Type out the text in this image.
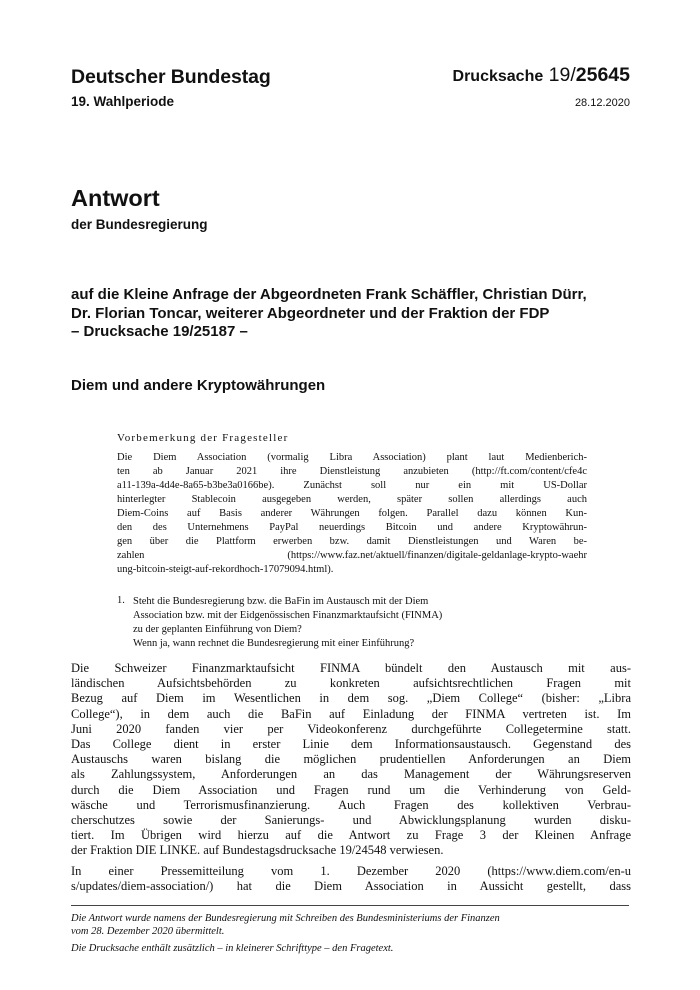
Deutscher Bundestag	Drucksache 19/25645
19. Wahlperiode	28.12.2020
Antwort
der Bundesregierung
auf die Kleine Anfrage der Abgeordneten Frank Schäffler, Christian Dürr,
Dr. Florian Toncar, weiterer Abgeordneter und der Fraktion der FDP
– Drucksache 19/25187 –
Diem und andere Kryptowährungen
Vorbemerkung der Fragesteller
Die Diem Association (vormalig Libra Association) plant laut Medienberich-
ten ab Januar 2021 ihre Dienstleistung anzubieten (http://ft.com/content/cfe4c
a11-139a-4d4e-8a65-b3be3a0166be). Zunächst soll nur ein mit US-Dollar
hinterlegter Stablecoin ausgegeben werden, später sollen allerdings auch
Diem-Coins auf Basis anderer Währungen folgen. Parallel dazu können Kun-
den des Unternehmens PayPal neuerdings Bitcoin und andere Kryptowährun-
gen über die Plattform erwerben bzw. damit Dienstleistungen und Waren be-
zahlen (https://www.faz.net/aktuell/finanzen/digitale-geldanlage-krypto-waehr
ung-bitcoin-steigt-auf-rekordhoch-17079094.html).
1. Steht die Bundesregierung bzw. die BaFin im Austausch mit der Diem
Association bzw. mit der Eidgenössischen Finanzmarktaufsicht (FINMA)
zu der geplanten Einführung von Diem?
Wenn ja, wann rechnet die Bundesregierung mit einer Einführung?
Die Schweizer Finanzmarktaufsicht FINMA bündelt den Austausch mit aus-
ländischen Aufsichtsbehörden zu konkreten aufsichtsrechtlichen Fragen mit
Bezug auf Diem im Wesentlichen in dem sog. „Diem College“ (bisher: „Libra
College“), in dem auch die BaFin auf Einladung der FINMA vertreten ist. Im
Juni 2020 fanden vier per Videokonferenz durchgeführte Collegetermine statt.
Das College dient in erster Linie dem Informationsaustausch. Gegenstand des
Austauschs waren bislang die möglichen prudentiellen Anforderungen an Diem
als Zahlungssystem, Anforderungen an das Management der Währungsreserven
durch die Diem Association und Fragen rund um die Verhinderung von Geld-
wäsche und Terrorismusfinanzierung. Auch Fragen des kollektiven Verbrau-
cherschutzes sowie der Sanierungs- und Abwicklungsplanung wurden disku-
tiert. Im Übrigen wird hierzu auf die Antwort zu Frage 3 der Kleinen Anfrage
der Fraktion DIE LINKE. auf Bundestagsdrucksache 19/24548 verwiesen.
In einer Pressemitteilung vom 1. Dezember 2020 (https://www.diem.com/en-u
s/updates/diem-association/) hat die Diem Association in Aussicht gestellt, dass
Die Antwort wurde namens der Bundesregierung mit Schreiben des Bundesministeriums der Finanzen
vom 28. Dezember 2020 übermittelt.
Die Drucksache enthält zusätzlich – in kleinerer Schrifttype – den Fragetext.
